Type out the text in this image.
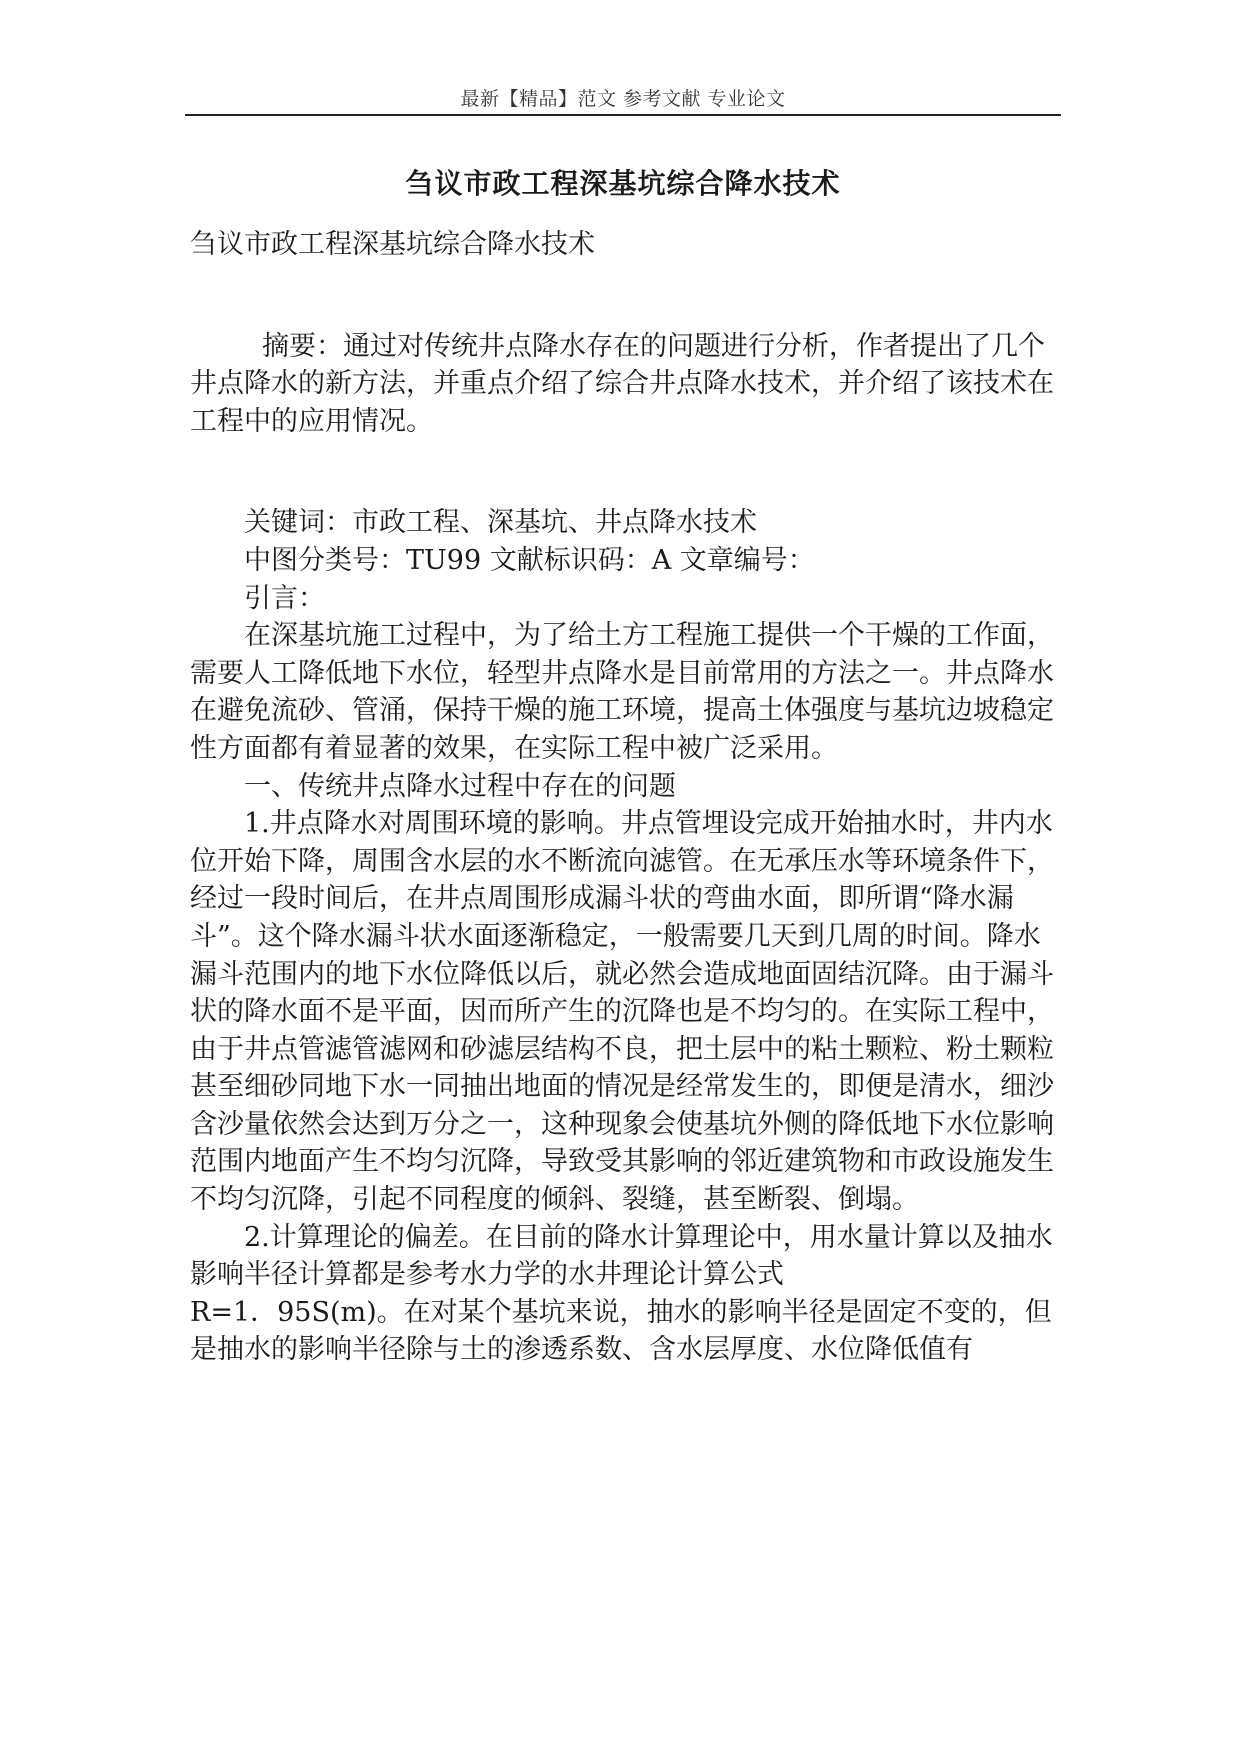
最新【精品】范文 参考文献 专业论文
刍议市政工程深基坑综合降水技术

刍议市政工程深基坑综合降水技术

摘要：通过对传统井点降水存在的问题进行分析，作者提出了几个井点降水的新方法，并重点介绍了综合井点降水技术，并介绍了该技术在工程中的应用情况。

关键词：市政工程、深基坑、井点降水技术

中图分类号：TU99 文献标识码：A 文章编号：

引言：

在深基坑施工过程中，为了给土方工程施工提供一个干燥的工作面，需要人工降低地下水位，轻型井点降水是目前常用的方法之一。井点降水在避免流砂、管涌，保持干燥的施工环境，提高土体强度与基坑边坡稳定性方面都有着显著的效果，在实际工程中被广泛采用。

一、传统井点降水过程中存在的问题

1.井点降水对周围环境的影响。井点管埋设完成开始抽水时，井内水位开始下降，周围含水层的水不断流向滤管。在无承压水等环境条件下，经过一段时间后，在井点周围形成漏斗状的弯曲水面，即所谓“降水漏斗”。这个降水漏斗状水面逐渐稳定，一般需要几天到几周的时间。降水漏斗范围内的地下水位降低以后，就必然会造成地面固结沉降。由于漏斗状的降水面不是平面，因而所产生的沉降也是不均匀的。在实际工程中，由于井点管滤管滤网和砂滤层结构不良，把土层中的粘土颗粒、粉土颗粒甚至细砂同地下水一同抽出地面的情况是经常发生的，即便是清水，细沙含沙量依然会达到万分之一，这种现象会使基坑外侧的降低地下水位影响范围内地面产生不均匀沉降，导致受其影响的邻近建筑物和市政设施发生不均匀沉降，引起不同程度的倾斜、裂缝，甚至断裂、倒塌。

2.计算理论的偏差。在目前的降水计算理论中，用水量计算以及抽水影响半径计算都是参考水力学的水井理论计算公式

R=1．95S(m)。在对某个基坑来说，抽水的影响半径是固定不变的，但是抽水的影响半径除与土的渗透系数、含水层厚度、水位降低值有
